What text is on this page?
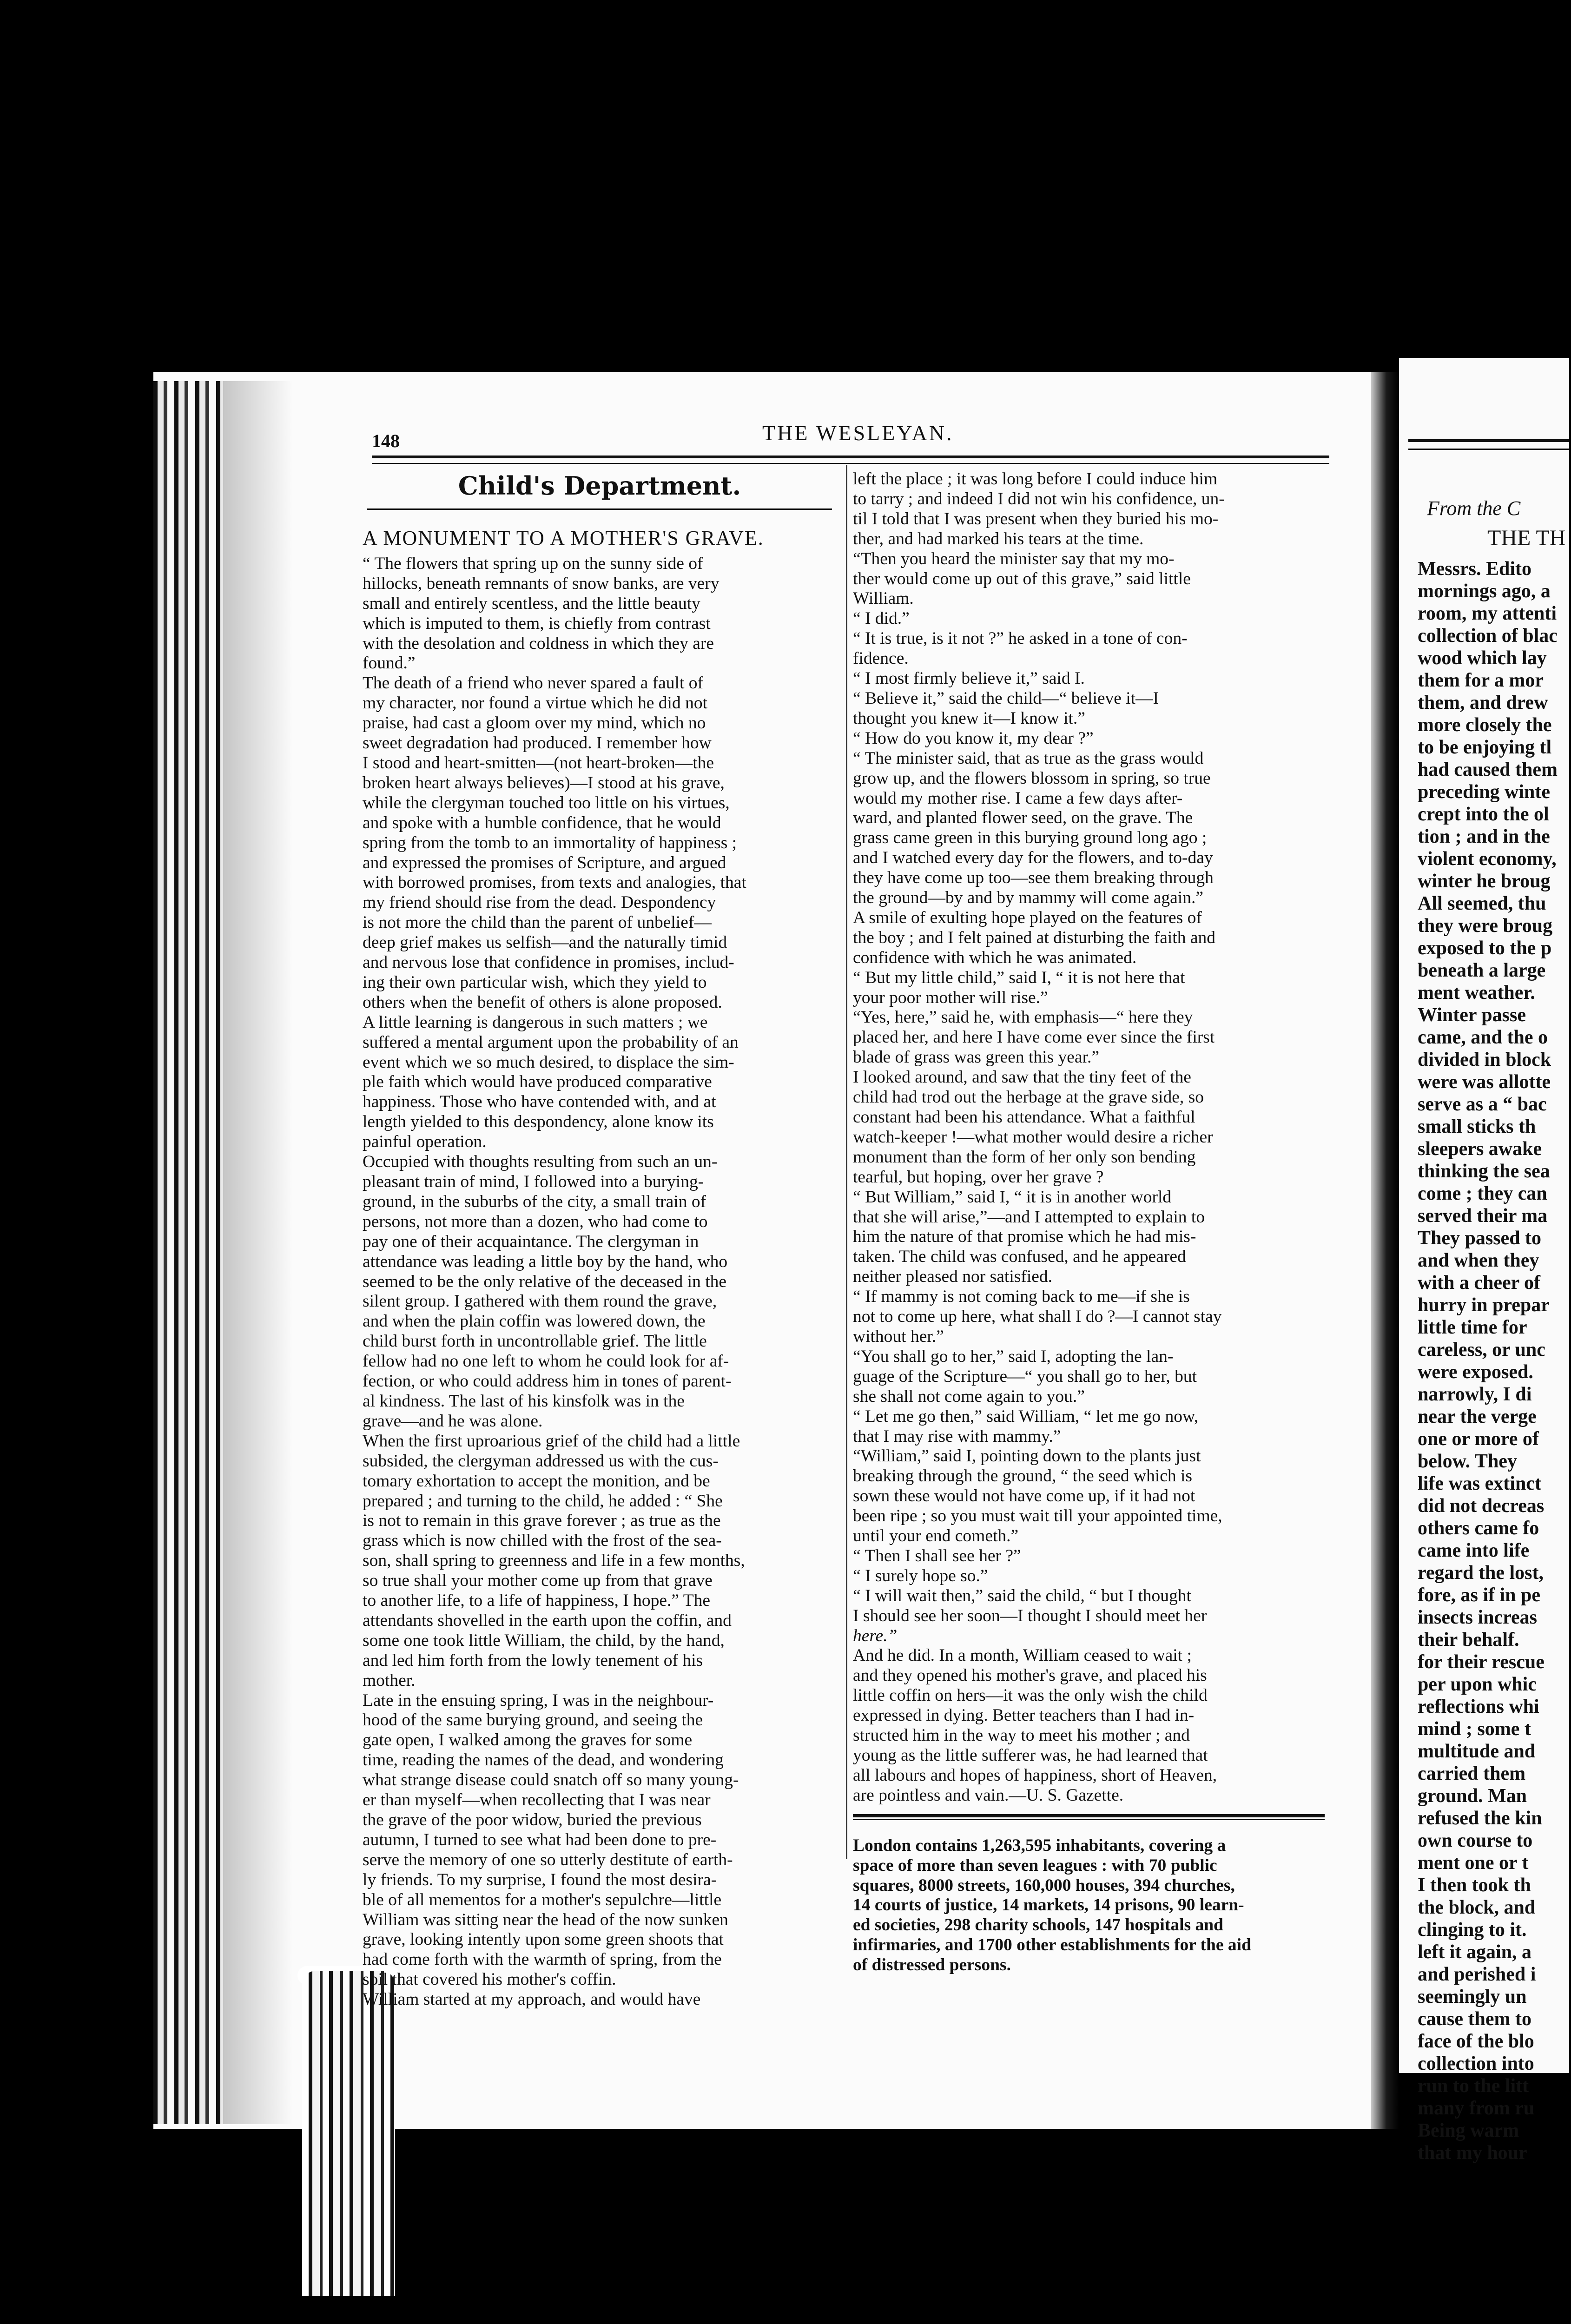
From the C
THE TH
Messrs. Edito
mornings ago, a
room, my attenti
collection of blac
wood which lay
them for a mor
them, and drew
more closely the
to be enjoying tl
had caused them
preceding winte
crept into the ol
tion ; and in the
violent economy,
winter he broug
All seemed, thu
they were broug
exposed to the p
beneath a large
ment weather.
Winter passe
came, and the o
divided in block
were was allotte
serve as a “ bac
small sticks th
sleepers awake
thinking the sea
come ; they can
served their ma
They passed to
and when they
with a cheer of
hurry in prepar
little time for
careless, or unc
were exposed.
narrowly, I di
near the verge
one or more of
below. They
life was extinct
did not decreas
others came fo
came into life
regard the lost,
fore, as if in pe
insects increas
their behalf.
for their rescue
per upon whic
reflections whi
mind ; some t
multitude and
carried them
ground. Man
refused the kin
own course to
ment one or t
I then took th
the block, and
clinging to it.
left it again, a
and perished i
seemingly un
cause them to
face of the blo
collection into
run to the litt
many from ru
Being warm
that my hour
148	THE WESLEYAN.
Child's Department.
A MONUMENT TO A MOTHER'S GRAVE.
“ The flowers that spring up on the sunny side of
hillocks, beneath remnants of snow banks, are very
small and entirely scentless, and the little beauty
which is imputed to them, is chiefly from contrast
with the desolation and coldness in which they are
found.”
The death of a friend who never spared a fault of
my character, nor found a virtue which he did not
praise, had cast a gloom over my mind, which no
sweet degradation had produced. I remember how
I stood and heart-smitten—(not heart-broken—the
broken heart always believes)—I stood at his grave,
while the clergyman touched too little on his virtues,
and spoke with a humble confidence, that he would
spring from the tomb to an immortality of happiness ;
and expressed the promises of Scripture, and argued
with borrowed promises, from texts and analogies, that
my friend should rise from the dead. Despondency
is not more the child than the parent of unbelief—
deep grief makes us selfish—and the naturally timid
and nervous lose that confidence in promises, includ-
ing their own particular wish, which they yield to
others when the benefit of others is alone proposed.
A little learning is dangerous in such matters ; we
suffered a mental argument upon the probability of an
event which we so much desired, to displace the sim-
ple faith which would have produced comparative
happiness. Those who have contended with, and at
length yielded to this despondency, alone know its
painful operation.
Occupied with thoughts resulting from such an un-
pleasant train of mind, I followed into a burying-
ground, in the suburbs of the city, a small train of
persons, not more than a dozen, who had come to
pay one of their acquaintance. The clergyman in
attendance was leading a little boy by the hand, who
seemed to be the only relative of the deceased in the
silent group. I gathered with them round the grave,
and when the plain coffin was lowered down, the
child burst forth in uncontrollable grief. The little
fellow had no one left to whom he could look for af-
fection, or who could address him in tones of parent-
al kindness. The last of his kinsfolk was in the
grave—and he was alone.
When the first uproarious grief of the child had a little
subsided, the clergyman addressed us with the cus-
tomary exhortation to accept the monition, and be
prepared ; and turning to the child, he added : “ She
is not to remain in this grave forever ; as true as the
grass which is now chilled with the frost of the sea-
son, shall spring to greenness and life in a few months,
so true shall your mother come up from that grave
to another life, to a life of happiness, I hope.” The
attendants shovelled in the earth upon the coffin, and
some one took little William, the child, by the hand,
and led him forth from the lowly tenement of his
mother.
Late in the ensuing spring, I was in the neighbour-
hood of the same burying ground, and seeing the
gate open, I walked among the graves for some
time, reading the names of the dead, and wondering
what strange disease could snatch off so many young-
er than myself—when recollecting that I was near
the grave of the poor widow, buried the previous
autumn, I turned to see what had been done to pre-
serve the memory of one so utterly destitute of earth-
ly friends. To my surprise, I found the most desira-
ble of all mementos for a mother's sepulchre—little
William was sitting near the head of the now sunken
grave, looking intently upon some green shoots that
had come forth with the warmth of spring, from the
soil that covered his mother's coffin.
William started at my approach, and would have
left the place ; it was long before I could induce him
to tarry ; and indeed I did not win his confidence, un-
til I told that I was present when they buried his mo-
ther, and had marked his tears at the time.
“Then you heard the minister say that my mo-
ther would come up out of this grave,” said little
William.
“ I did.”
“ It is true, is it not ?” he asked in a tone of con-
fidence.
“ I most firmly believe it,” said I.
“ Believe it,” said the child—“ believe it—I
thought you knew it—I know it.”
“ How do you know it, my dear ?”
“ The minister said, that as true as the grass would
grow up, and the flowers blossom in spring, so true
would my mother rise. I came a few days after-
ward, and planted flower seed, on the grave. The
grass came green in this burying ground long ago ;
and I watched every day for the flowers, and to-day
they have come up too—see them breaking through
the ground—by and by mammy will come again.”
A smile of exulting hope played on the features of
the boy ; and I felt pained at disturbing the faith and
confidence with which he was animated.
“ But my little child,” said I, “ it is not here that
your poor mother will rise.”
“Yes, here,” said he, with emphasis—“ here they
placed her, and here I have come ever since the first
blade of grass was green this year.”
I looked around, and saw that the tiny feet of the
child had trod out the herbage at the grave side, so
constant had been his attendance. What a faithful
watch-keeper !—what mother would desire a richer
monument than the form of her only son bending
tearful, but hoping, over her grave ?
“ But William,” said I, “ it is in another world
that she will arise,”—and I attempted to explain to
him the nature of that promise which he had mis-
taken. The child was confused, and he appeared
neither pleased nor satisfied.
“ If mammy is not coming back to me—if she is
not to come up here, what shall I do ?—I cannot stay
without her.”
“You shall go to her,” said I, adopting the lan-
guage of the Scripture—“ you shall go to her, but
she shall not come again to you.”
“ Let me go then,” said William, “ let me go now,
that I may rise with mammy.”
“William,” said I, pointing down to the plants just
breaking through the ground, “ the seed which is
sown these would not have come up, if it had not
been ripe ; so you must wait till your appointed time,
until your end cometh.”
“ Then I shall see her ?”
“ I surely hope so.”
“ I will wait then,” said the child, “ but I thought
I should see her soon—I thought I should meet her
here.”
And he did. In a month, William ceased to wait ;
and they opened his mother's grave, and placed his
little coffin on hers—it was the only wish the child
expressed in dying. Better teachers than I had in-
structed him in the way to meet his mother ; and
young as the little sufferer was, he had learned that
all labours and hopes of happiness, short of Heaven,
are pointless and vain.—U. S. Gazette.
London contains 1,263,595 inhabitants, covering a
space of more than seven leagues : with 70 public
squares, 8000 streets, 160,000 houses, 394 churches,
14 courts of justice, 14 markets, 14 prisons, 90 learn-
ed societies, 298 charity schools, 147 hospitals and
infirmaries, and 1700 other establishments for the aid
of distressed persons.
